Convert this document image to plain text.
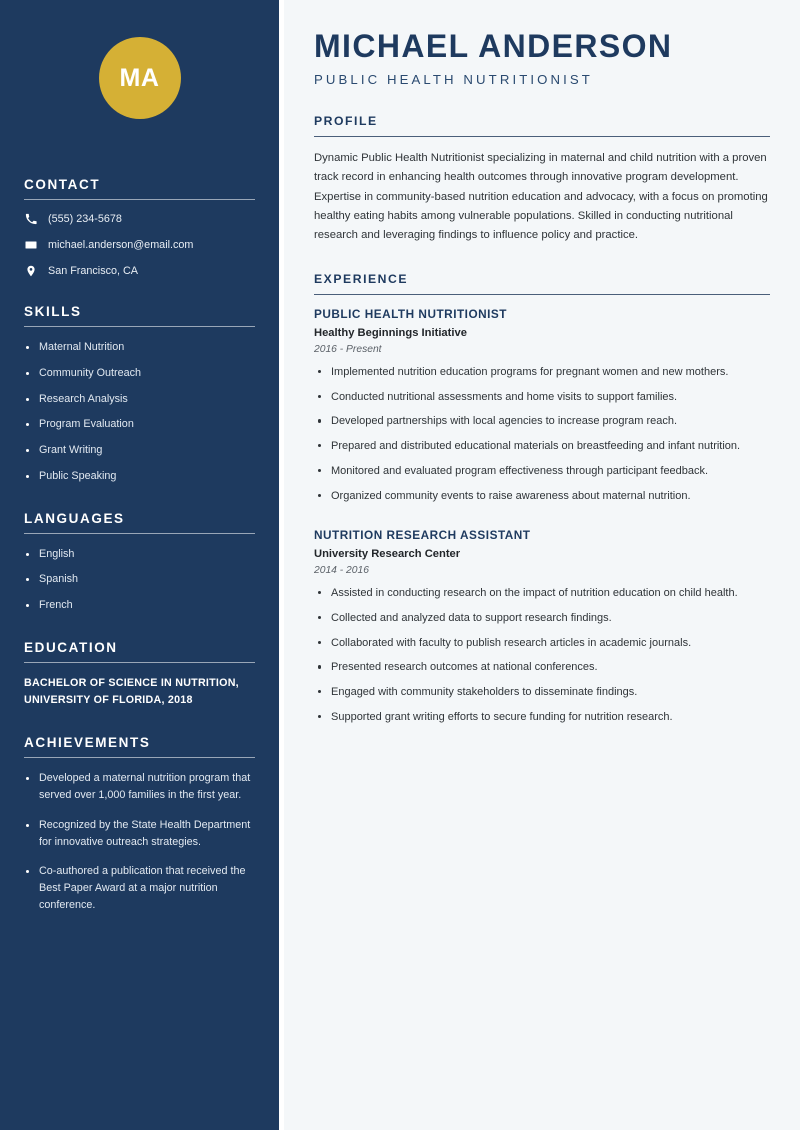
MA
CONTACT
(555) 234-5678
michael.anderson@email.com
San Francisco, CA
SKILLS
Maternal Nutrition
Community Outreach
Research Analysis
Program Evaluation
Grant Writing
Public Speaking
LANGUAGES
English
Spanish
French
EDUCATION
BACHELOR OF SCIENCE IN NUTRITION, UNIVERSITY OF FLORIDA, 2018
ACHIEVEMENTS
Developed a maternal nutrition program that served over 1,000 families in the first year.
Recognized by the State Health Department for innovative outreach strategies.
Co-authored a publication that received the Best Paper Award at a major nutrition conference.
MICHAEL ANDERSON
PUBLIC HEALTH NUTRITIONIST
PROFILE

Dynamic Public Health Nutritionist specializing in maternal and child nutrition with a proven track record in enhancing health outcomes through innovative program development. Expertise in community-based nutrition education and advocacy, with a focus on promoting healthy eating habits among vulnerable populations. Skilled in conducting nutritional research and leveraging findings to influence policy and practice.

EXPERIENCE
PUBLIC HEALTH NUTRITIONIST
Healthy Beginnings Initiative
2016 - Present
Implemented nutrition education programs for pregnant women and new mothers.
Conducted nutritional assessments and home visits to support families.
Developed partnerships with local agencies to increase program reach.
Prepared and distributed educational materials on breastfeeding and infant nutrition.
Monitored and evaluated program effectiveness through participant feedback.
Organized community events to raise awareness about maternal nutrition.
NUTRITION RESEARCH ASSISTANT
University Research Center
2014 - 2016
Assisted in conducting research on the impact of nutrition education on child health.
Collected and analyzed data to support research findings.
Collaborated with faculty to publish research articles in academic journals.
Presented research outcomes at national conferences.
Engaged with community stakeholders to disseminate findings.
Supported grant writing efforts to secure funding for nutrition research.
